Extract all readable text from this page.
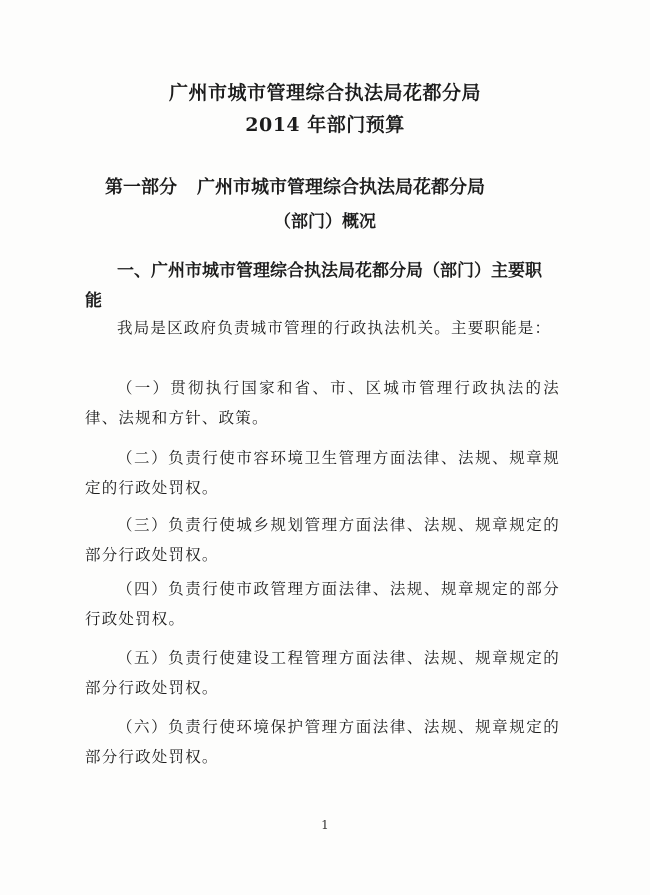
广州市城市管理综合执法局花都分局
2014 年部门预算
第一部分 广州市城市管理综合执法局花都分局
（部门）概况
一、广州市城市管理综合执法局花都分局（部门）主要职能
我局是区政府负责城市管理的行政执法机关。主要职能是：
（一）贯彻执行国家和省、市、区城市管理行政执法的法律、法规和方针、政策。
（二）负责行使市容环境卫生管理方面法律、法规、规章规定的行政处罚权。
（三）负责行使城乡规划管理方面法律、法规、规章规定的部分行政处罚权。
（四）负责行使市政管理方面法律、法规、规章规定的部分行政处罚权。
（五）负责行使建设工程管理方面法律、法规、规章规定的部分行政处罚权。
（六）负责行使环境保护管理方面法律、法规、规章规定的部分行政处罚权。
1
